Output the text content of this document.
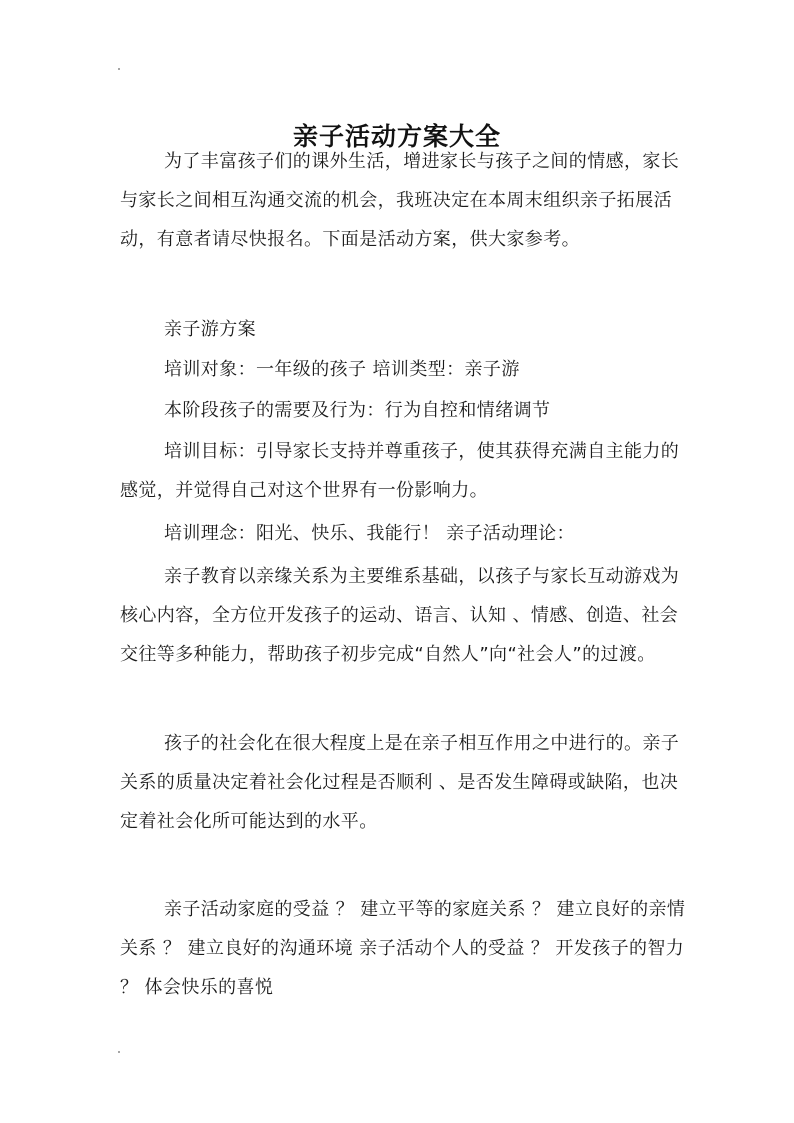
亲子活动方案大全

为了丰富孩子们的课外生活，增进家长与孩子之间的情感，家长与家长之间相互沟通交流的机会，我班决定在本周末组织亲子拓展活动，有意者请尽快报名。下面是活动方案，供大家参考。

亲子游方案

培训对象：一年级的孩子 培训类型：亲子游

本阶段孩子的需要及行为：行为自控和情绪调节

培训目标：引导家长支持并尊重孩子，使其获得充满自主能力的感觉，并觉得自己对这个世界有一份影响力。

培训理念：阳光、快乐、我能行！ 亲子活动理论：

亲子教育以亲缘关系为主要维系基础，以孩子与家长互动游戏为核心内容，全方位开发孩子的运动、语言、认知 、情感、创造、社会交往等多种能力，帮助孩子初步完成“自然人”向“社会人”的过渡。

孩子的社会化在很大程度上是在亲子相互作用之中进行的。亲子关系的质量决定着社会化过程是否顺利 、是否发生障碍或缺陷，也决定着社会化所可能达到的水平。

亲子活动家庭的受益 ？ 建立平等的家庭关系 ？ 建立良好的亲情关系 ？ 建立良好的沟通环境 亲子活动个人的受益 ？ 开发孩子的智力 ？ 体会快乐的喜悦
